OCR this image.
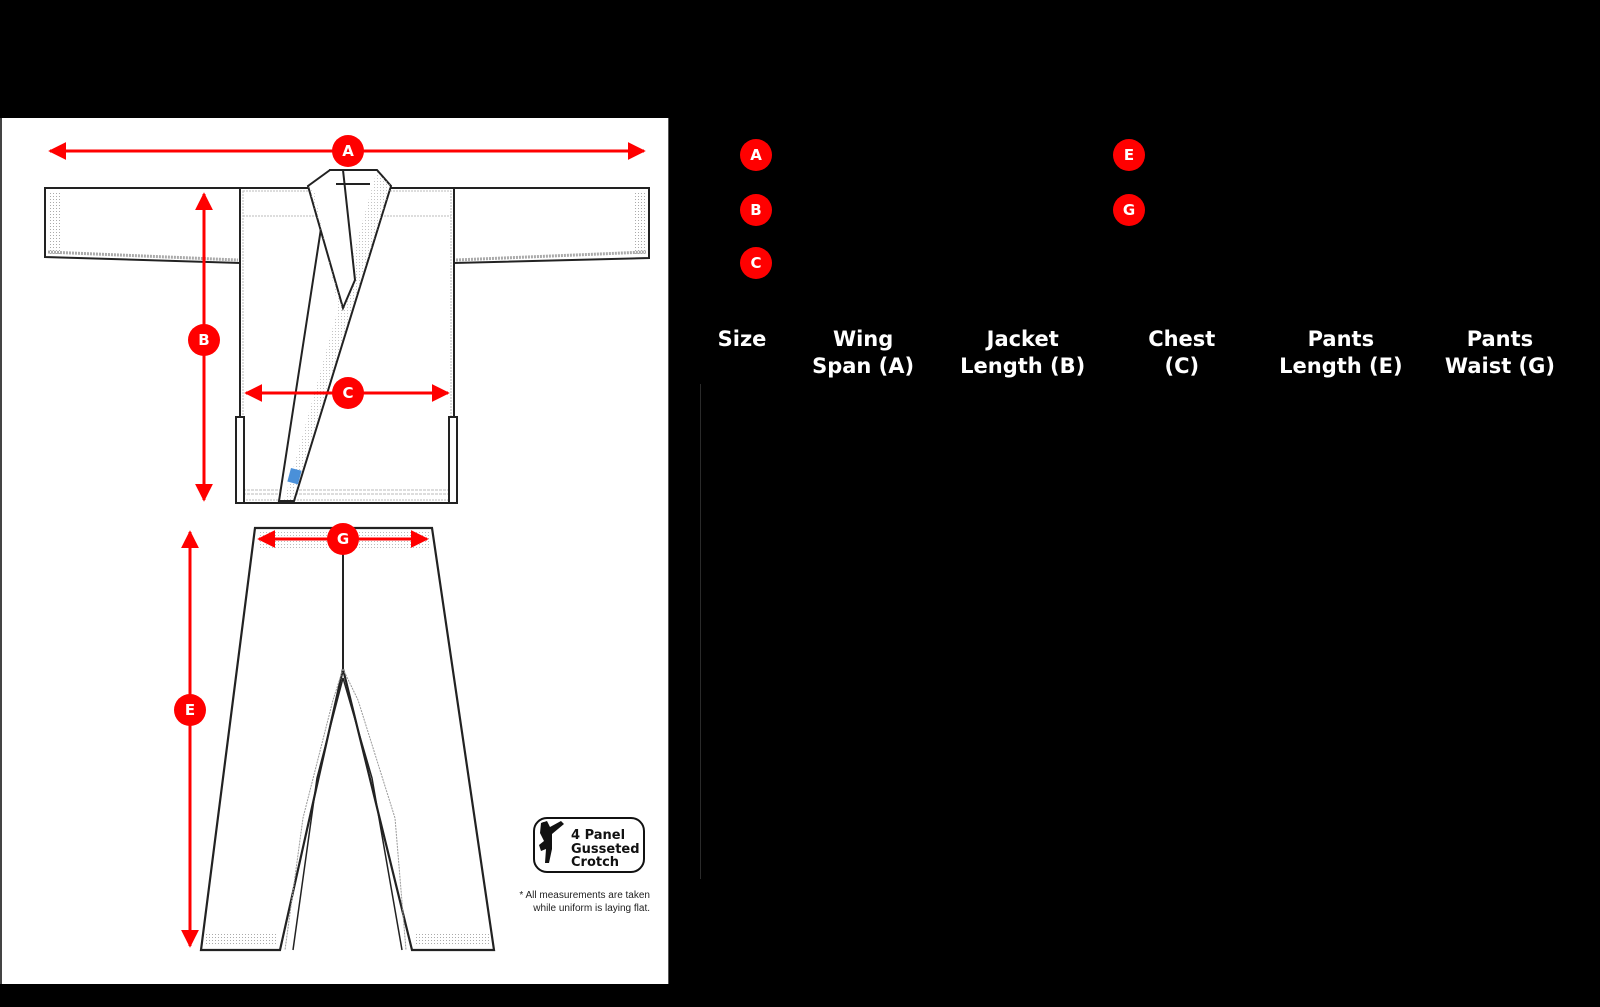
A
B
C
G
E
4 Panel
Gusseted
Crotch
* All measurements are taken
while uniform is laying flat.
A
B
C
E
G
Size	Wing
Span (A)

Jacket
Length (B)

Chest
(C)

Pants
Length (E)

Pants
Waist (G)
